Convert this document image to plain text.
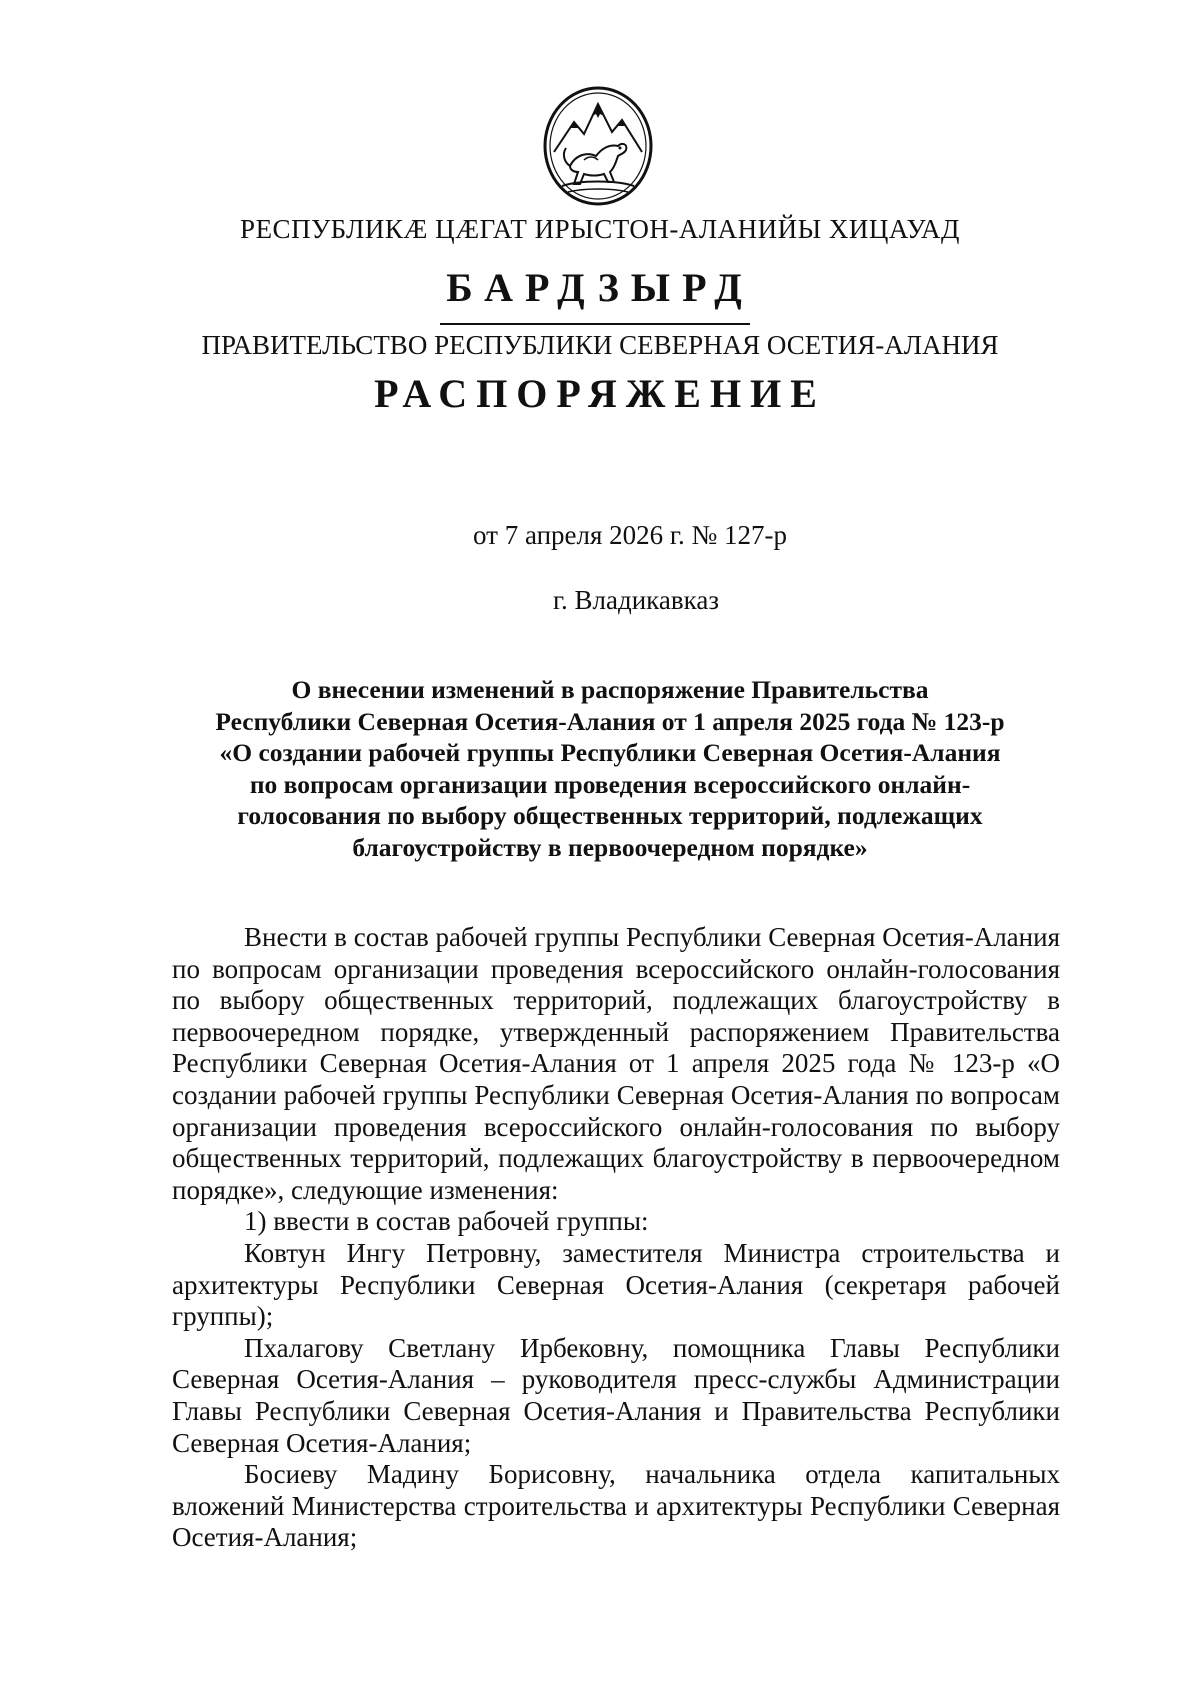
РЕСПУБЛИКӔ ЦӔГАТ ИРЫСТОН-АЛАНИЙЫ ХИЦАУАД
БАРДЗЫРД
ПРАВИТЕЛЬСТВО РЕСПУБЛИКИ СЕВЕРНАЯ ОСЕТИЯ-АЛАНИЯ
РАСПОРЯЖЕНИЕ
от 7 апреля 2026 г. № 127-р
г. Владикавказ
О внесении изменений в распоряжение Правительства
Республики Северная Осетия-Алания от 1 апреля 2025 года № 123-р
«О создании рабочей группы Республики Северная Осетия-Алания
по вопросам организации проведения всероссийского онлайн-
голосования по выбору общественных территорий, подлежащих
благоустройству в первоочередном порядке»

Внести в состав рабочей группы Республики Северная Осетия-Алания по вопросам организации проведения всероссийского онлайн-голосования по выбору общественных территорий, подлежащих благоустройству в первоочередном порядке, утвержденный распоряжением Правительства Республики Северная Осетия-Алания от 1 апреля 2025 года № 123-р «О создании рабочей группы Республики Северная Осетия-Алания по вопросам организации проведения всероссийского онлайн-голосования по выбору общественных территорий, подлежащих благоустройству в первоочередном порядке», следующие изменения:

1) ввести в состав рабочей группы:

Ковтун Ингу Петровну, заместителя Министра строительства и архитектуры Республики Северная Осетия-Алания (секретаря рабочей группы);

Пхалагову Светлану Ирбековну, помощника Главы Республики Северная Осетия-Алания – руководителя пресс-службы Администрации Главы Республики Северная Осетия-Алания и Правительства Республики Северная Осетия-Алания;

Босиеву Мадину Борисовну, начальника отдела капитальных вложений Министерства строительства и архитектуры Республики Северная Осетия-Алания;
